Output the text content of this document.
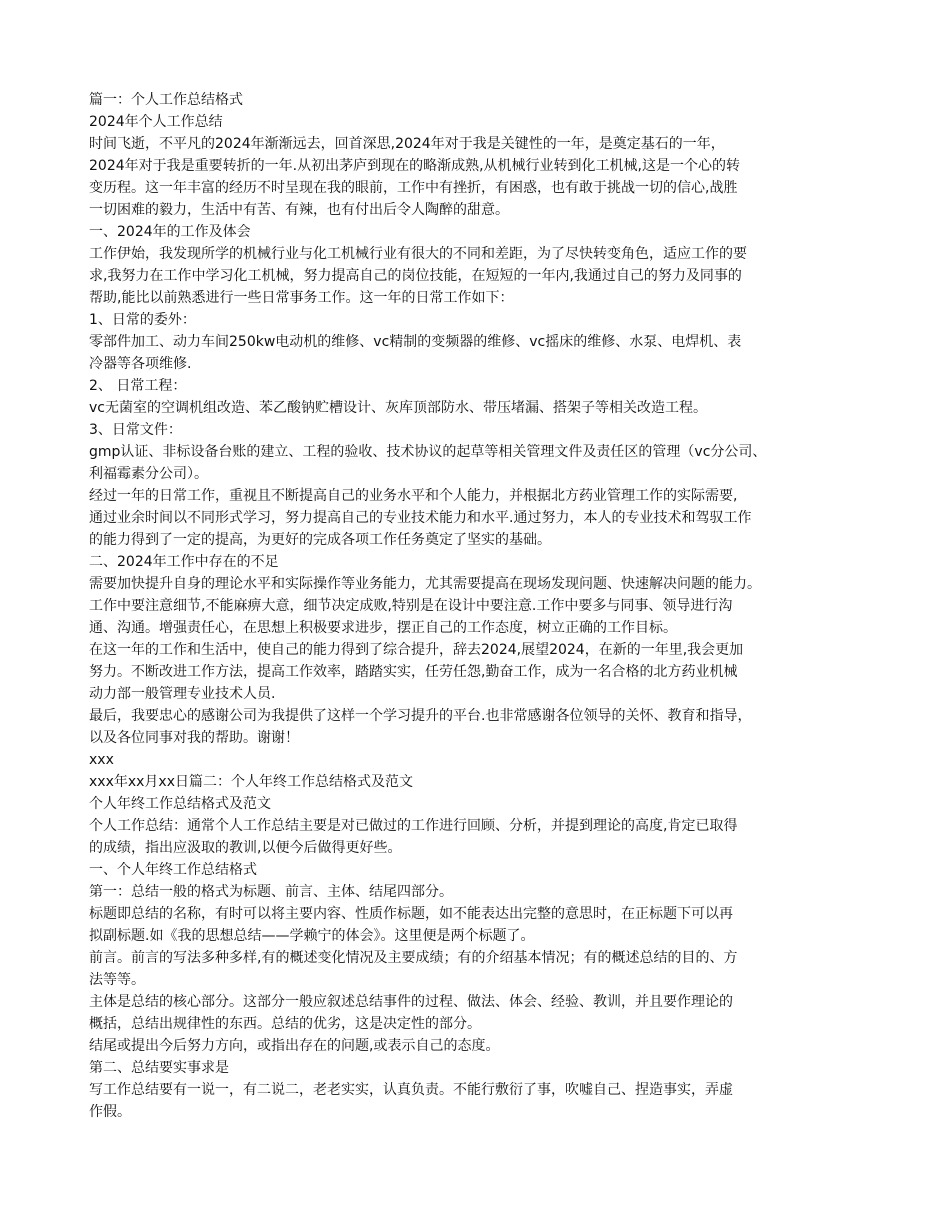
篇一：个人工作总结格式
2024年个人工作总结
时间飞逝，不平凡的2024年渐渐远去，回首深思,2024年对于我是关键性的一年，是奠定基石的一年，
2024年对于我是重要转折的一年.从初出茅庐到现在的略渐成熟,从机械行业转到化工机械,这是一个心的转
变历程。这一年丰富的经历不时呈现在我的眼前，工作中有挫折，有困惑，也有敢于挑战一切的信心,战胜
一切困难的毅力，生活中有苦、有辣，也有付出后令人陶醉的甜意。
一、2024年的工作及体会
工作伊始，我发现所学的机械行业与化工机械行业有很大的不同和差距，为了尽快转变角色，适应工作的要
求,我努力在工作中学习化工机械，努力提高自己的岗位技能，在短短的一年内,我通过自己的努力及同事的
帮助,能比以前熟悉进行一些日常事务工作。这一年的日常工作如下：
1、日常的委外：
零部件加工、动力车间250kw电动机的维修、vc精制的变频器的维修、vc摇床的维修、水泵、电焊机、表
冷器等各项维修.
2、 日常工程：
vc无菌室的空调机组改造、苯乙酸钠贮槽设计、灰库顶部防水、带压堵漏、搭架子等相关改造工程。
3、日常文件：
gmp认证、非标设备台账的建立、工程的验收、技术协议的起草等相关管理文件及责任区的管理（vc分公司、
利福霉素分公司）。
经过一年的日常工作，重视且不断提高自己的业务水平和个人能力，并根据北方药业管理工作的实际需要,
通过业余时间以不同形式学习，努力提高自己的专业技术能力和水平.通过努力，本人的专业技术和驾驭工作
的能力得到了一定的提高，为更好的完成各项工作任务奠定了坚实的基础。
二、2024年工作中存在的不足
需要加快提升自身的理论水平和实际操作等业务能力，尤其需要提高在现场发现问题、快速解决问题的能力。
工作中要注意细节,不能麻痹大意，细节决定成败,特别是在设计中要注意.工作中要多与同事、领导进行沟
通、沟通。增强责任心，在思想上积极要求进步，摆正自己的工作态度，树立正确的工作目标。
在这一年的工作和生活中，使自己的能力得到了综合提升，辞去2024,展望2024，在新的一年里,我会更加
努力。不断改进工作方法，提高工作效率，踏踏实实，任劳任怨,勤奋工作，成为一名合格的北方药业机械
动力部一般管理专业技术人员.
最后，我要忠心的感谢公司为我提供了这样一个学习提升的平台.也非常感谢各位领导的关怀、教育和指导，
以及各位同事对我的帮助。谢谢！
xxx
xxx年xx月xx日篇二：个人年终工作总结格式及范文
个人年终工作总结格式及范文
个人工作总结：通常个人工作总结主要是对已做过的工作进行回顾、分析，并提到理论的高度,肯定已取得
的成绩，指出应汲取的教训,以便今后做得更好些。
一、个人年终工作总结格式
第一：总结一般的格式为标题、前言、主体、结尾四部分。
标题即总结的名称，有时可以将主要内容、性质作标题，如不能表达出完整的意思时，在正标题下可以再
拟副标题.如《我的思想总结——学赖宁的体会》。这里便是两个标题了。
前言。前言的写法多种多样,有的概述变化情况及主要成绩；有的介绍基本情况；有的概述总结的目的、方
法等等。
主体是总结的核心部分。这部分一般应叙述总结事件的过程、做法、体会、经验、教训，并且要作理论的
概括，总结出规律性的东西。总结的优劣，这是决定性的部分。
结尾或提出今后努力方向，或指出存在的问题,或表示自己的态度。
第二、总结要实事求是
写工作总结要有一说一，有二说二，老老实实，认真负责。不能行敷衍了事，吹嘘自己、捏造事实，弄虚
作假。
